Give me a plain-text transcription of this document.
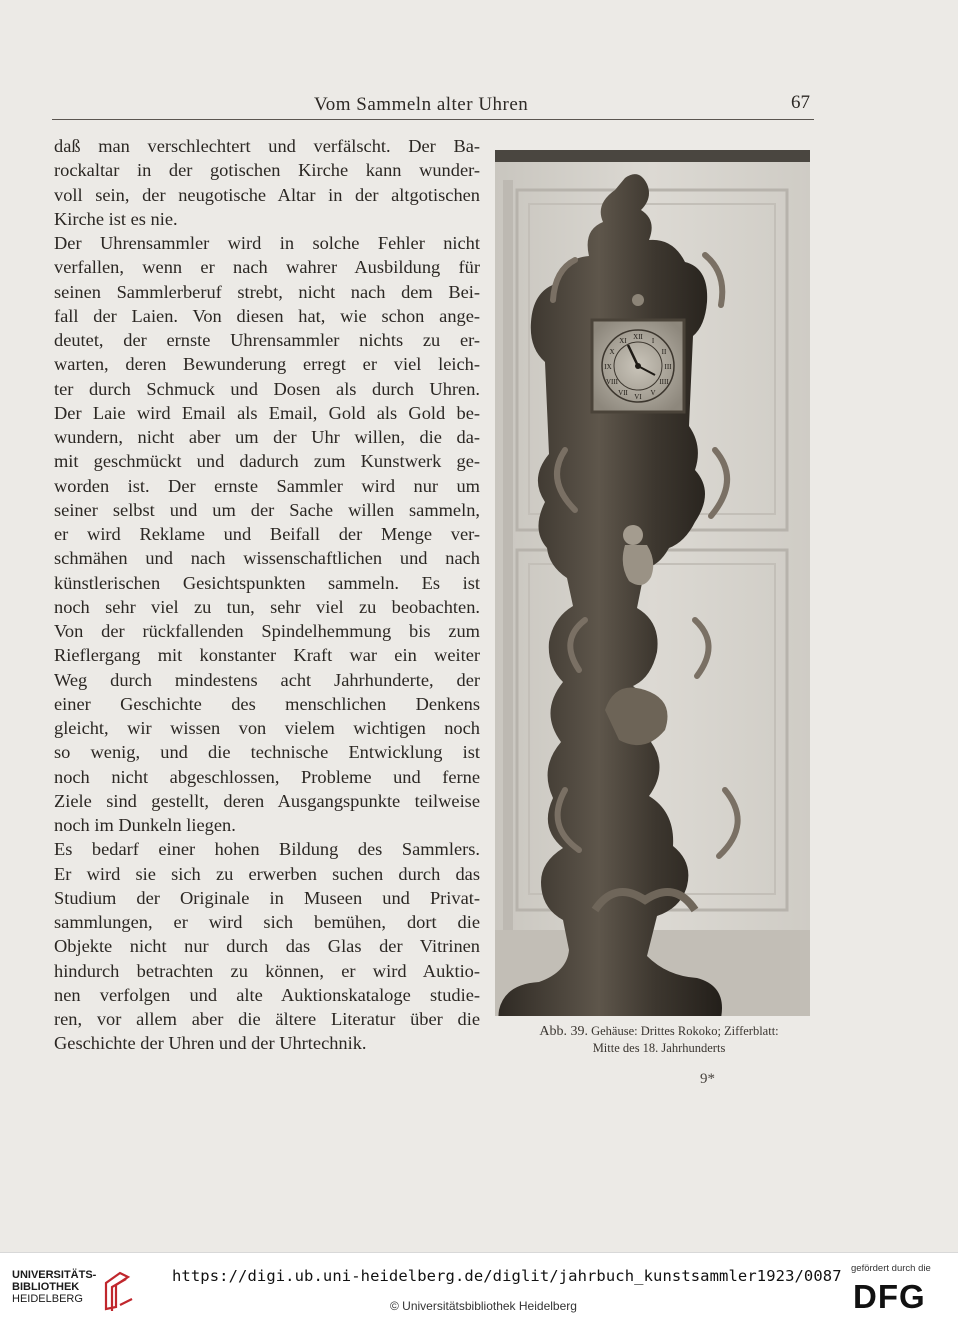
Vom Sammeln alter Uhren	67
daß man verschlechtert und verfälscht. Der Ba-
rockaltar in der gotischen Kirche kann wunder-
voll sein, der neugotische Altar in der altgotischen
Kirche ist es nie.
Der Uhrensammler wird in solche Fehler nicht
verfallen, wenn er nach wahrer Ausbildung für
seinen Sammlerberuf strebt, nicht nach dem Bei-
fall der Laien. Von diesen hat, wie schon ange-
deutet, der ernste Uhrensammler nichts zu er-
warten, deren Bewunderung erregt er viel leich-
ter durch Schmuck und Dosen als durch Uhren.
Der Laie wird Email als Email, Gold als Gold be-
wundern, nicht aber um der Uhr willen, die da-
mit geschmückt und dadurch zum Kunstwerk ge-
worden ist. Der ernste Sammler wird nur um
seiner selbst und um der Sache willen sammeln,
er wird Reklame und Beifall der Menge ver-
schmähen und nach wissenschaftlichen und nach
künstlerischen Gesichtspunkten sammeln. Es ist
noch sehr viel zu tun, sehr viel zu beobachten.
Von der rückfallenden Spindelhemmung bis zum
Rieflergang mit konstanter Kraft war ein weiter
Weg durch mindestens acht Jahrhunderte, der
einer Geschichte des menschlichen Denkens
gleicht, wir wissen von vielem wichtigen noch
so wenig, und die technische Entwicklung ist
noch nicht abgeschlossen, Probleme und ferne
Ziele sind gestellt, deren Ausgangspunkte teilweise
noch im Dunkeln liegen.
Es bedarf einer hohen Bildung des Sammlers.
Er wird sie sich zu erwerben suchen durch das
Studium der Originale in Museen und Privat-
sammlungen, er wird sich bemühen, dort die
Objekte nicht nur durch das Glas der Vitrinen
hindurch betrachten zu können, er wird Auktio-
nen verfolgen und alte Auktionskataloge studie-
ren, vor allem aber die ältere Literatur über die
Geschichte der Uhren und der Uhrtechnik.
XII I
II
III
IIII
V
VI
VII
VIII
IX
X
XI
Abb. 39. Gehäuse: Drittes Rokoko; Zifferblatt:
Mitte des 18. Jahrhunderts
9*
UNIVERSITÄTS-
BIBLIOTHEK
HEIDELBERG
https://digi.ub.uni-heidelberg.de/diglit/jahrbuch_kunstsammler1923/0087
© Universitätsbibliothek Heidelberg
gefördert durch die
DFG
